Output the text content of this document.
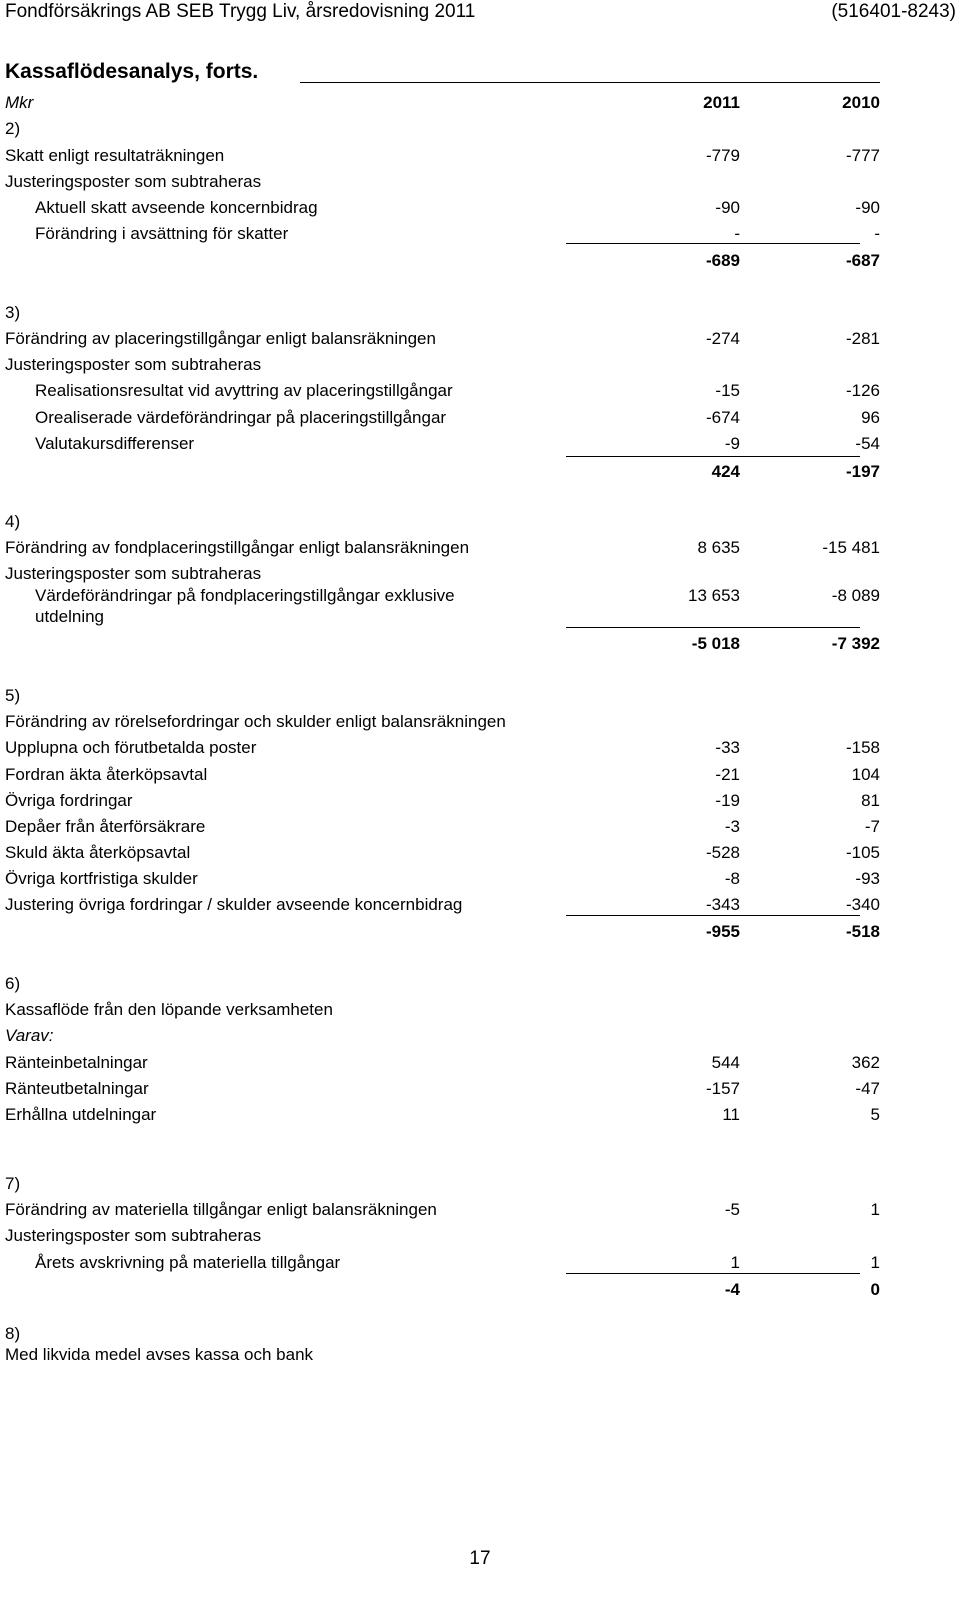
Fondförsäkrings AB SEB Trygg Liv, årsredovisning 2011	(516401-8243)
Kassaflödesanalys, forts.
Mkr	2011	2010
2)
Skatt enligt resultaträkningen	-779	-777
Justeringsposter som subtraheras
Aktuell skatt avseende koncernbidrag	-90	-90
Förändring i avsättning för skatter	-	-
-689	-687
3)
Förändring av placeringstillgångar enligt balansräkningen	-274	-281
Justeringsposter som subtraheras
Realisationsresultat vid avyttring av placeringstillgångar	-15	-126
Orealiserade värdeförändringar på placeringstillgångar	-674	96
Valutakursdifferenser	-9	-54
424	-197
4)
Förändring av fondplaceringstillgångar enligt balansräkningen	8 635	-15 481
Justeringsposter som subtraheras
Värdeförändringar på fondplaceringstillgångar exklusive
utdelning
13 653	-8 089
-5 018	-7 392
5)
Förändring av rörelsefordringar och skulder enligt balansräkningen
Upplupna och förutbetalda poster	-33	-158
Fordran äkta återköpsavtal	-21	104
Övriga fordringar	-19	81
Depåer från återförsäkrare	-3	-7
Skuld äkta återköpsavtal	-528	-105
Övriga kortfristiga skulder	-8	-93
Justering övriga fordringar / skulder avseende koncernbidrag	-343	-340
-955	-518
6)
Kassaflöde från den löpande verksamheten
Varav:
Ränteinbetalningar	544	362
Ränteutbetalningar	-157	-47
Erhållna utdelningar	11	5
7)
Förändring av materiella tillgångar enligt balansräkningen	-5	1
Justeringsposter som subtraheras
Årets avskrivning på materiella tillgångar	1	1
-4	0
8)
Med likvida medel avses kassa och bank
17
